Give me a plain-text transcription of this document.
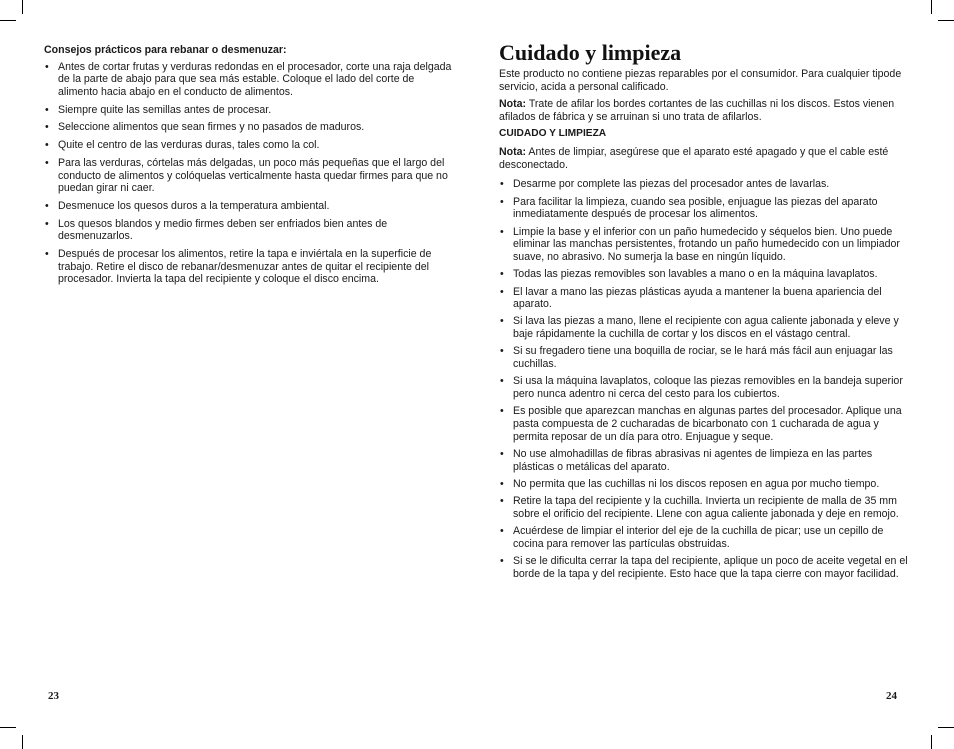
Consejos prácticos para rebanar o desmenuzar:
• Antes de cortar frutas y verduras redondas en el procesador, corte una raja delgada de la parte de abajo para que sea más estable. Coloque el lado del corte de alimento hacia abajo en el conducto de alimentos.
• Siempre quite las semillas antes de procesar.
• Seleccione alimentos que sean firmes y no pasados de maduros.
• Quite el centro de las verduras duras, tales como la col.
• Para las verduras, córtelas más delgadas, un poco más pequeñas que el largo del conducto de alimentos y colóquelas verticalmente hasta quedar firmes para que no puedan girar ni caer.
• Desmenuce los quesos duros a la temperatura ambiental.
• Los quesos blandos y medio firmes deben ser enfriados bien antes de desmenuzarlos.
• Después de procesar los alimentos, retire la tapa e inviértala en la superficie de trabajo. Retire el disco de rebanar/desmenuzar antes de quitar el recipiente del procesador. Invierta la tapa del recipiente y coloque el disco encima.
23
Cuidado y limpieza
Este producto no contiene piezas reparables por el consumidor. Para cualquier tipode servicio, acida a personal calificado.
Nota: Trate de afilar los bordes cortantes de las cuchillas ni los discos. Estos vienen afilados de fábrica y se arruinan si uno trata de afilarlos.
CUIDADO Y LIMPIEZA
Nota: Antes de limpiar, asegúrese que el aparato esté apagado y que el cable esté desconectado.
• Desarme por complete las piezas del procesador antes de lavarlas.
• Para facilitar la limpieza, cuando sea posible, enjuague las piezas del aparato inmediatamente después de procesar los alimentos.
• Limpie la base y el inferior con un paño humedecido y séquelos bien. Uno puede eliminar las manchas persistentes, frotando un paño humedecido con un limpiador suave, no abrasivo. No sumerja la base en ningún líquido.
• Todas las piezas removibles son lavables a mano o en la máquina lavaplatos.
• El lavar a mano las piezas plásticas ayuda a mantener la buena apariencia del aparato.
• Si lava las piezas a mano, llene el recipiente con agua caliente jabonada y eleve y baje rápidamente la cuchilla de cortar y los discos en el vástago central.
• Si su fregadero tiene una boquilla de rociar, se le hará más fácil aun enjuagar las cuchillas.
• Si usa la máquina lavaplatos, coloque las piezas removibles en la bandeja superior pero nunca adentro ni cerca del cesto para los cubiertos.
• Es posible que aparezcan manchas en algunas partes del procesador. Aplique una pasta compuesta de 2 cucharadas de bicarbonato con 1 cucharada de agua y permita reposar de un día para otro. Enjuague y seque.
• No use almohadillas de fibras abrasivas ni agentes de limpieza en las partes plásticas o metálicas del aparato.
• No permita que las cuchillas ni los discos reposen en agua por mucho tiempo.
• Retire la tapa del recipiente y la cuchilla. Invierta un recipiente de malla de 35 mm sobre el orificio del recipiente. Llene con agua caliente jabonada y deje en remojo.
• Acuérdese de limpiar el interior del eje de la cuchilla de picar; use un cepillo de cocina para remover las partículas obstruidas.
• Si se le dificulta cerrar la tapa del recipiente, aplique un poco de aceite vegetal en el borde de la tapa y del recipiente. Esto hace que la tapa cierre con mayor facilidad.
24
